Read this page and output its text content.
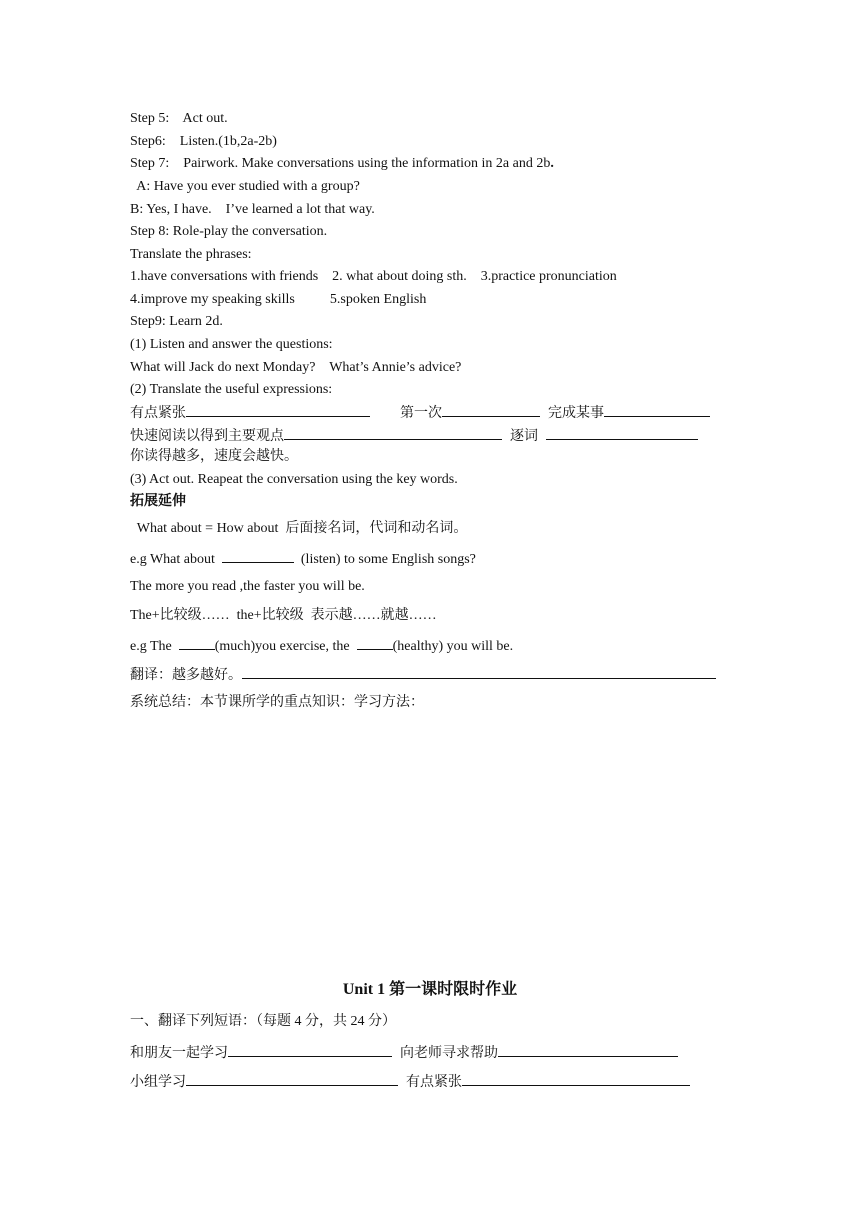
Step 5:    Act out.

Step6:    Listen.(1b,2a-2b)

Step 7:    Pairwork. Make conversations using the information in 2a and 2b.

A: Have you ever studied with a group?

B: Yes, I have.    I’ve learned a lot that way.

Step 8: Role-play the conversation.

Translate the phrases:

1.have conversations with friends    2. what about doing sth.    3.practice pronunciation

4.improve my speaking skills          5.spoken English

Step9: Learn 2d.

(1) Listen and answer the questions:

What will Jack do next Monday?    What’s Annie’s advice?

(2) Translate the useful expressions:

有点紧张	第一次	完成某事

快速阅读以得到主要观点	逐词

你读得越多，速度会越快。

(3) Act out. Reapeat the conversation using the key words.

拓展延伸

What about = How about  后面接名词，代词和动名词。

e.g What about	(listen) to some English songs?

The more you read ,the faster you will be.

The+比较级……  the+比较级  表示越……就越……

e.g The	(much)you exercise, the	(healthy) you will be.

翻译：越多越好。

系统总结：本节课所学的重点知识：学习方法：

Unit 1 第一课时限时作业

一、翻译下列短语：（每题 4 分，共 24 分）

和朋友一起学习	向老师寻求帮助

小组学习	有点紧张
